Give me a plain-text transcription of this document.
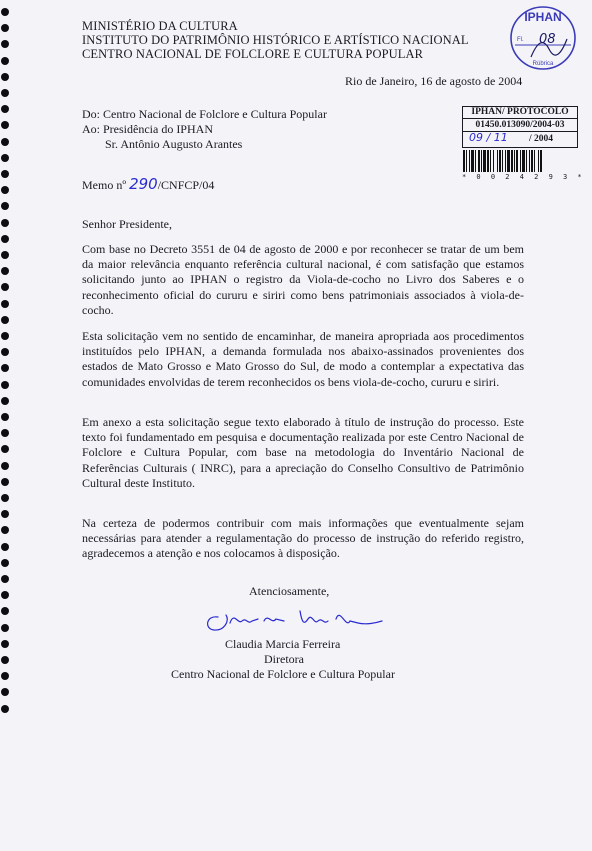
MINISTÉRIO DA CULTURA
INSTITUTO DO PATRIMÔNIO HISTÓRICO E ARTÍSTICO NACIONAL
CENTRO NACIONAL DE FOLCLORE E CULTURA POPULAR
IPHAN
Fl. 08
Rúbrica
Rio de Janeiro, 16 de agosto de 2004
Do: Centro Nacional de Folclore e Cultura Popular
Ao: Presidência do IPHAN
Sr. Antônio Augusto Arantes
IPHAN/ PROTOCOLO
01450.013090/2004-03
09 / 11 / 2004
* 0 0 2 4 2 9 3 *
Memo nº 290/CNFCP/04
Senhor Presidente,
Com base no Decreto 3551 de 04 de agosto de 2000 e por reconhecer se tratar de um bem da maior relevância enquanto referência cultural nacional, é com satisfação que estamos solicitando junto ao IPHAN o registro da Viola-de-cocho no Livro dos Saberes e o reconhecimento oficial do cururu e siriri como bens patrimoniais associados à viola-de-cocho.
Esta solicitação vem no sentido de encaminhar, de maneira apropriada aos procedimentos instituídos pelo IPHAN, a demanda formulada nos abaixo-assinados provenientes dos estados de Mato Grosso e Mato Grosso do Sul, de modo a contemplar a expectativa das comunidades envolvidas de terem reconhecidos os bens viola-de-cocho, cururu e siriri.
Em anexo a esta solicitação segue texto elaborado à título de instrução do processo. Este texto foi fundamentado em pesquisa e documentação realizada por este Centro Nacional de Folclore e Cultura Popular, com base na metodologia do Inventário Nacional de Referências Culturais ( INRC), para a apreciação do Conselho Consultivo de Patrimônio Cultural deste Instituto.
Na certeza de podermos contribuir com mais informações que eventualmente sejam necessárias para atender a regulamentação do processo de instrução do referido registro, agradecemos a atenção e nos colocamos à disposição.
Atenciosamente,
Claudia Marcia Ferreira
Diretora
Centro Nacional de Folclore e Cultura Popular
